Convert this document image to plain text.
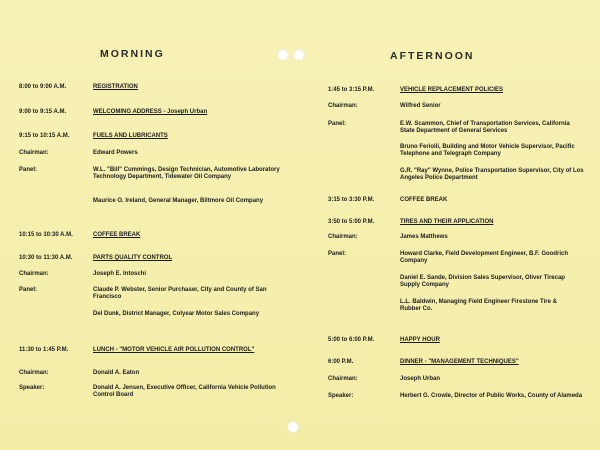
MORNING	AFTERNOON
8:00 to 9:00 A.M.	REGISTRATION
9:00 to 9:15 A.M.	WELCOMING ADDRESS - Joseph Urban
9:15 to 10:15 A.M.	FUELS AND LUBRICANTS
Chairman:	Edward Powers
Panel:	W.L. "Bill" Cummings, Design Technician, Automotive Laboratory Technology Department, Tidewater Oil Company
Maurice O. Ireland, General Manager, Biltmore Oil Company
10:15 to 10:30 A.M.	COFFEE BREAK
10:30 to 11:30 A.M.	PARTS QUALITY CONTROL
Chairman:	Joseph E. Intoschi
Panel:	Claude P. Webster, Senior Purchaser, City and County of San Francisco
Del Dunk, District Manager, Colyear Motor Sales Company
11:30 to 1:45 P.M.	LUNCH - "MOTOR VEHICLE AIR POLLUTION CONTROL"
Chairman:	Donald A. Eaton
Speaker:	Donald A. Jensen, Executive Officer, California Vehicle Pollution Control Board
1:45 to 3:15 P.M.	VEHICLE REPLACEMENT POLICIES
Chairman:	Wilfred Senior
Panel:	E.W. Scammon, Chief of Transportation Services, California State Department of General Services
Bruno Feriolli, Building and Motor Vehicle Supervisor, Pacific Telephone and Telegraph Company
G.R. "Ray" Wynne, Police Transportation Supervisor, City of Los Angeles Police Department
3:15 to 3:30 P.M.	COFFEE BREAK
3:50 to 5:00 P.M.	TIRES AND THEIR APPLICATION
Chairman:	James Matthews
Panel:	Howard Clarke, Field Development Engineer, B.F. Goodrich Company
Daniel E. Sande, Division Sales Supervisor, Oliver Tirecap Supply Company
L.L. Baldwin, Managing Field Engineer Firestone Tire & Rubber Co.
5:00 to 6:00 P.M.	HAPPY HOUR
6:00 P.M.	DINNER - "MANAGEMENT TECHNIQUES"
Chairman:	Joseph Urban
Speaker:	Herbert G. Crowle, Director of Public Works, County of Alameda
